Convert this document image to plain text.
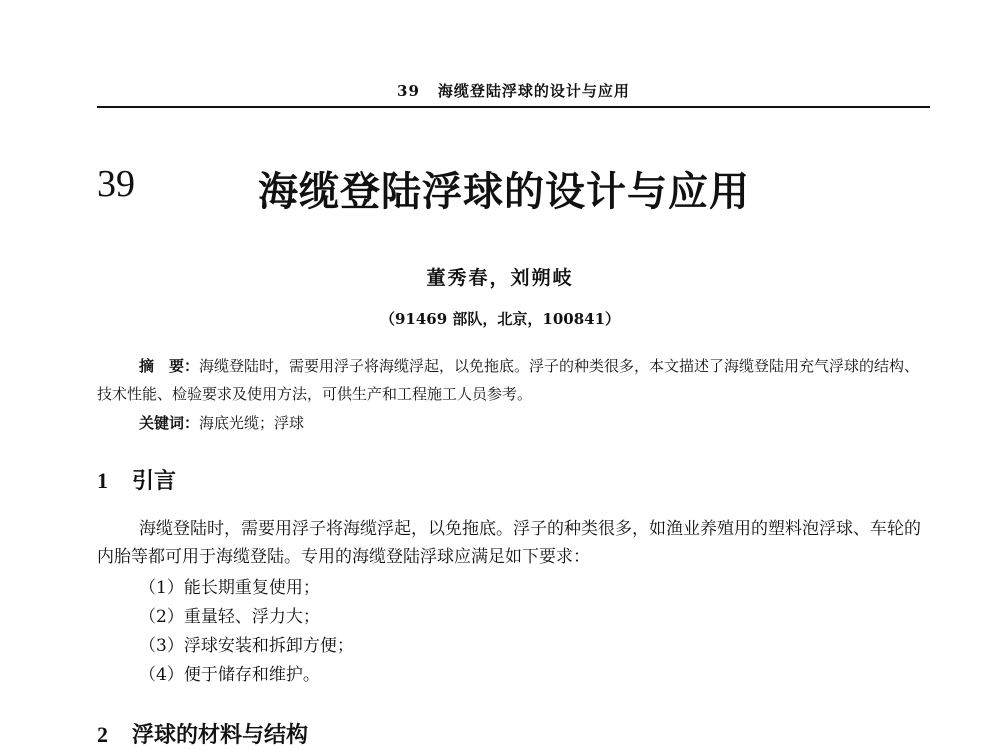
39 海缆登陆浮球的设计与应用
39	海缆登陆浮球的设计与应用
董秀春，刘朔岐
（91469 部队，北京，100841）
摘　要：海缆登陆时，需要用浮子将海缆浮起，以免拖底。浮子的种类很多，本文描述了海缆登陆用充气浮球的结构、技术性能、检验要求及使用方法，可供生产和工程施工人员参考。
关键词：海底光缆；浮球
1 引言
海缆登陆时，需要用浮子将海缆浮起，以免拖底。浮子的种类很多，如渔业养殖用的塑料泡浮球、车轮的内胎等都可用于海缆登陆。专用的海缆登陆浮球应满足如下要求：
（1）能长期重复使用；
（2）重量轻、浮力大；
（3）浮球安装和拆卸方便；
（4）便于储存和维护。
2 浮球的材料与结构
